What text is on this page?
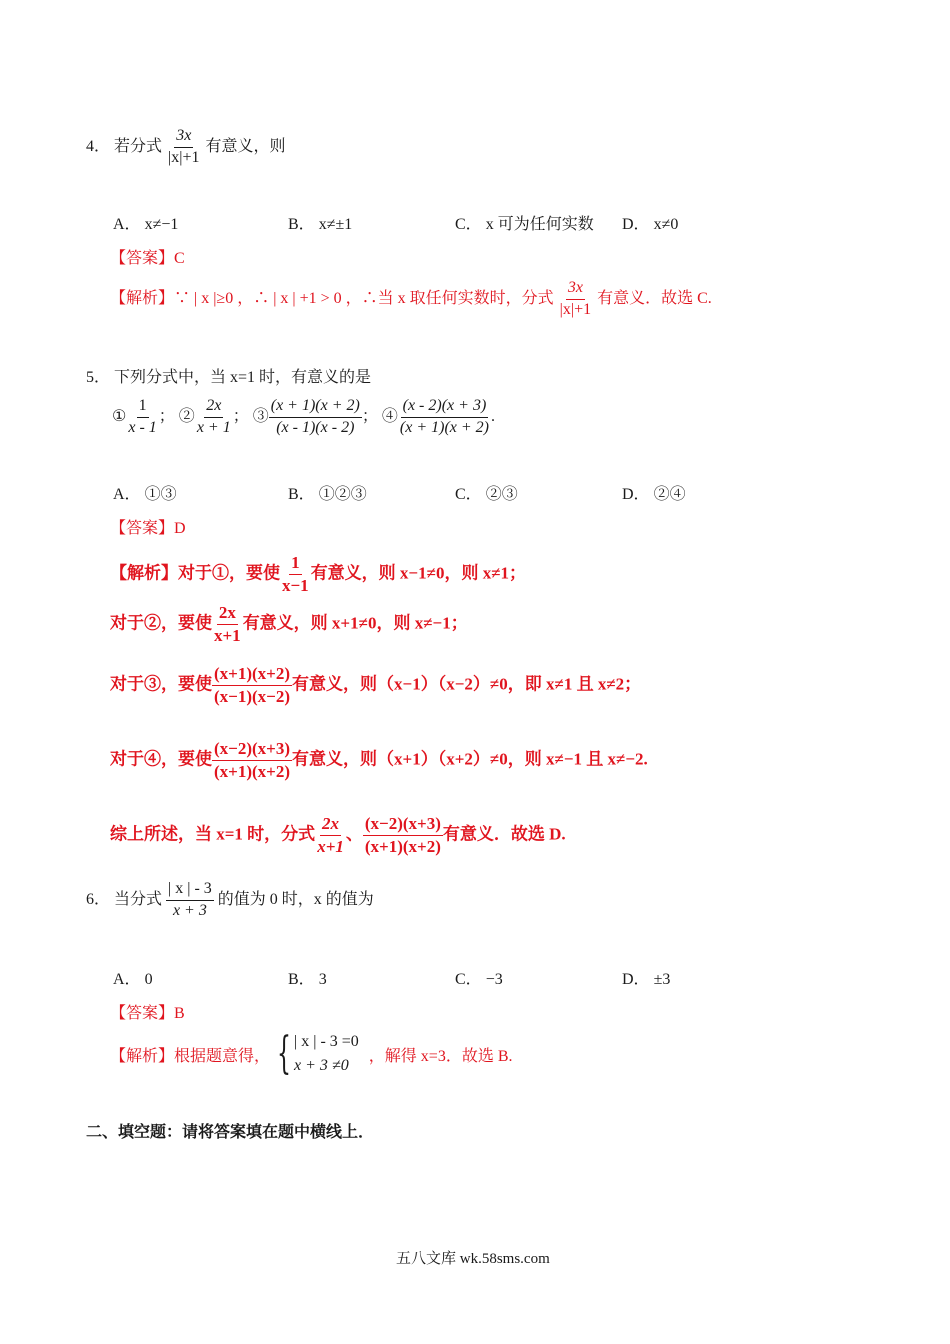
4． 若分式 $\frac{3x}{|x|+1}$ 有意义，则
A． x≠−1	B． x≠±1	C． x 可为任何实数 D． x≠0
【答案】C
【解析】∵ | x |≥0 ，∴ | x | +1 > 0 ，∴当 x 取任何实数时，分式 $\frac{3x}{|x|+1}$ 有意义．故选 C.
5． 下列分式中，当 x=1 时，有意义的是
① $\frac{1}{x - 1}$ ； ② $\frac{2x}{x + 1}$ ； ③ $\frac{(x + 1)(x + 2)}{(x - 1)(x - 2)}$ ； ④ $\frac{(x - 2)(x + 3)}{(x + 1)(x + 2)}$ .
A． ①③	B． ①②③	C． ②③	D． ②④
【答案】D
【解析】对于①，要使 $\frac{1}{x-1}$ 有意义，则 x−1≠0，则 x≠1；
对于②，要使 $\frac{2x}{x+1}$ 有意义，则 x+1≠0，则 x≠−1；
对于③，要使 $\frac{(x+1)(x+2)}{(x-1)(x-2)}$ 有意义，则（x−1）（x−2）≠0，即 x≠1 且 x≠2；
对于④，要使 $\frac{(x-2)(x+3)}{(x+1)(x+2)}$ 有意义，则（x+1）（x+2）≠0，则 x≠−1 且 x≠−2.
综上所述，当 x=1 时，分式 $\frac{2x}{x+1}$ 、 $\frac{(x-2)(x+3)}{(x+1)(x+2)}$ 有意义．故选 D.
6． 当分式 $\frac{| x | - 3}{x + 3}$ 的值为 0 时，x 的值为
A． 0	B． 3	C． −3	D． ±3
【答案】B
【解析】 根据题意得， { | x | - 3 =0
x + 3 ≠0
，解得 x=3．故选 B.
二、填空题：请将答案填在题中横线上．
五八文库 wk.58sms.com
